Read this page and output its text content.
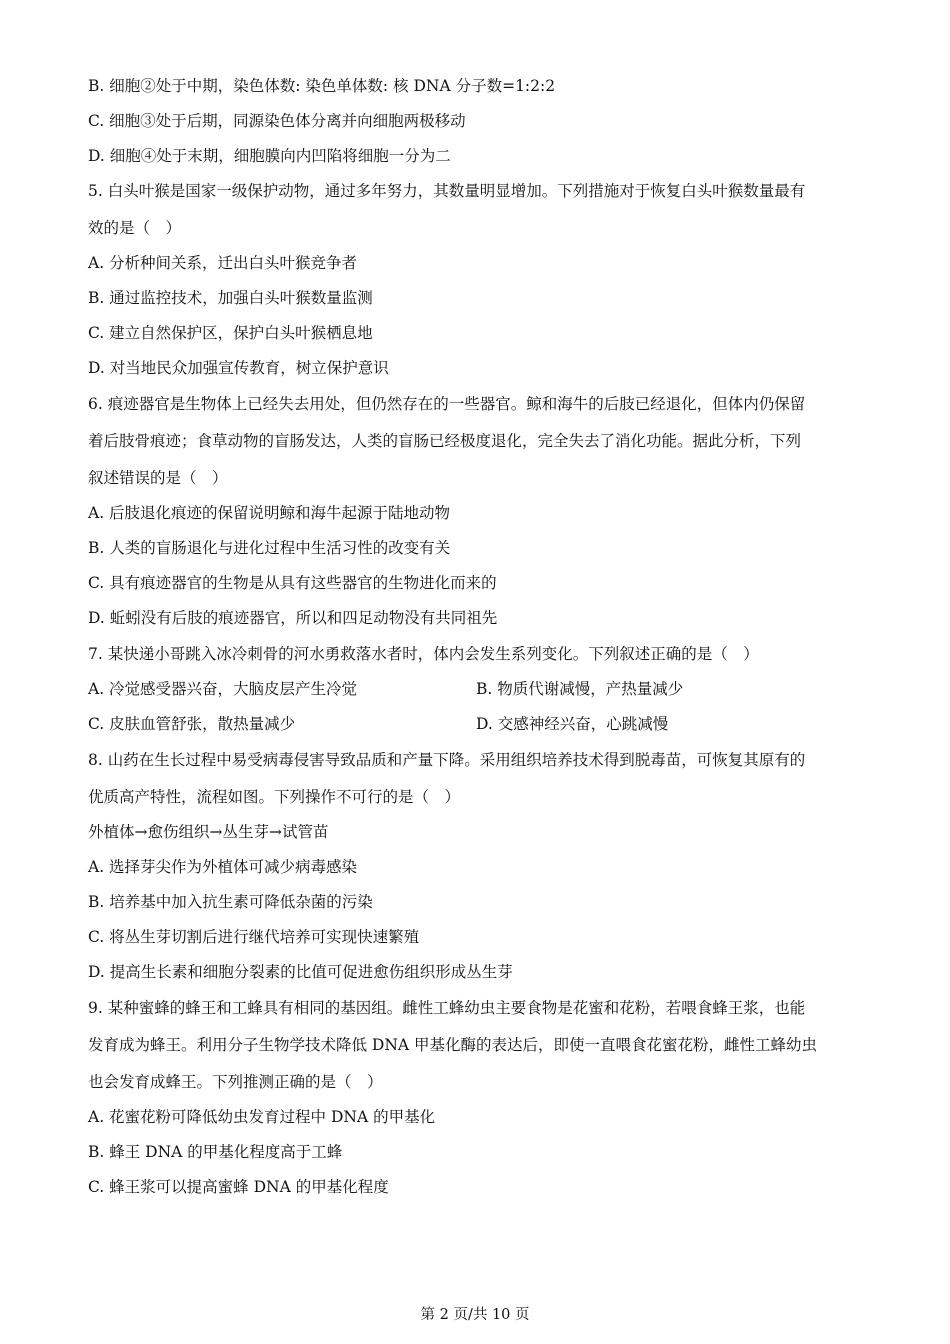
B. 细胞②处于中期，染色体数: 染色单体数: 核 DNA 分子数=1:2:2
C. 细胞③处于后期，同源染色体分离并向细胞两极移动
D. 细胞④处于末期，细胞膜向内凹陷将细胞一分为二
5. 白头叶猴是国家一级保护动物，通过多年努力，其数量明显增加。下列措施对于恢复白头叶猴数量最有
效的是（　）
A. 分析种间关系，迁出白头叶猴竞争者
B. 通过监控技术，加强白头叶猴数量监测
C. 建立自然保护区，保护白头叶猴栖息地
D. 对当地民众加强宣传教育，树立保护意识
6. 痕迹器官是生物体上已经失去用处，但仍然存在的一些器官。鲸和海牛的后肢已经退化，但体内仍保留
着后肢骨痕迹；食草动物的盲肠发达，人类的盲肠已经极度退化，完全失去了消化功能。据此分析，下列
叙述错误的是（　）
A. 后肢退化痕迹的保留说明鲸和海牛起源于陆地动物
B. 人类的盲肠退化与进化过程中生活习性的改变有关
C. 具有痕迹器官的生物是从具有这些器官的生物进化而来的
D. 蚯蚓没有后肢的痕迹器官，所以和四足动物没有共同祖先
7. 某快递小哥跳入冰冷刺骨的河水勇救落水者时，体内会发生系列变化。下列叙述正确的是（　）
A. 冷觉感受器兴奋，大脑皮层产生冷觉	B. 物质代谢减慢，产热量减少
C. 皮肤血管舒张，散热量减少	D. 交感神经兴奋，心跳减慢
8. 山药在生长过程中易受病毒侵害导致品质和产量下降。采用组织培养技术得到脱毒苗，可恢复其原有的
优质高产特性，流程如图。下列操作不可行的是（　）
外植体→愈伤组织→丛生芽→试管苗
A. 选择芽尖作为外植体可减少病毒感染
B. 培养基中加入抗生素可降低杂菌的污染
C. 将丛生芽切割后进行继代培养可实现快速繁殖
D. 提高生长素和细胞分裂素的比值可促进愈伤组织形成丛生芽
9. 某种蜜蜂的蜂王和工蜂具有相同的基因组。雌性工蜂幼虫主要食物是花蜜和花粉，若喂食蜂王浆，也能
发育成为蜂王。利用分子生物学技术降低 DNA 甲基化酶的表达后，即使一直喂食花蜜花粉，雌性工蜂幼虫
也会发育成蜂王。下列推测正确的是（　）
A. 花蜜花粉可降低幼虫发育过程中 DNA 的甲基化
B. 蜂王 DNA 的甲基化程度高于工蜂
C. 蜂王浆可以提高蜜蜂 DNA 的甲基化程度
第 2 页/共 10 页
